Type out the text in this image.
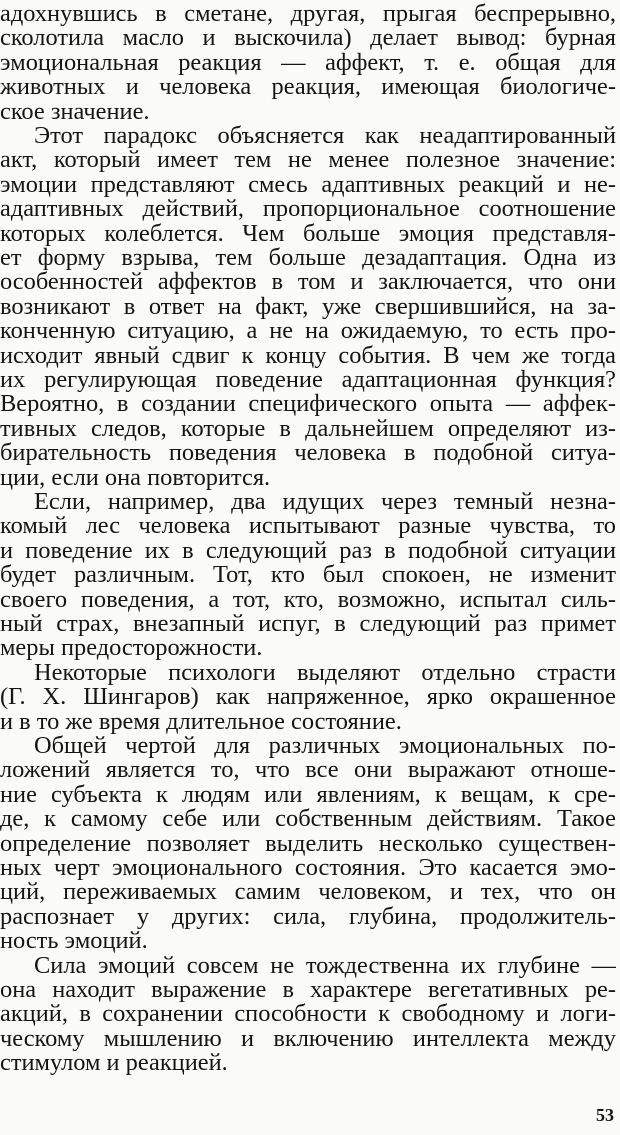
адохнувшись в сметане, другая, прыгая беспрерывно,
сколотила масло и выскочила) делает вывод: бурная
эмоциональная реакция — аффект, т. е. общая для
животных и человека реакция, имеющая биологиче-
ское значение.
Этот парадокс объясняется как неадаптированный
акт, который имеет тем не менее полезное значение:
эмоции представляют смесь адаптивных реакций и не-
адаптивных действий, пропорциональное соотношение
которых колеблется. Чем больше эмоция представля-
ет форму взрыва, тем больше дезадаптация. Одна из
особенностей аффектов в том и заключается, что они
возникают в ответ на факт, уже свершившийся, на за-
конченную ситуацию, а не на ожидаемую, то есть про-
исходит явный сдвиг к концу события. В чем же тогда
их регулирующая поведение адаптационная функция?
Вероятно, в создании специфического опыта — аффек-
тивных следов, которые в дальнейшем определяют из-
бирательность поведения человека в подобной ситуа-
ции, если она повторится.
Если, например, два идущих через темный незна-
комый лес человека испытывают разные чувства, то
и поведение их в следующий раз в подобной ситуации
будет различным. Тот, кто был спокоен, не изменит
своего поведения, а тот, кто, возможно, испытал силь-
ный страх, внезапный испуг, в следующий раз примет
меры предосторожности.
Некоторые психологи выделяют отдельно страсти
(Г. Х. Шингаров) как напряженное, ярко окрашенное
и в то же время длительное состояние.
Общей чертой для различных эмоциональных по-
ложений является то, что все они выражают отноше-
ние субъекта к людям или явлениям, к вещам, к сре-
де, к самому себе или собственным действиям. Такое
определение позволяет выделить несколько существен-
ных черт эмоционального состояния. Это касается эмо-
ций, переживаемых самим человеком, и тех, что он
распознает у других: сила, глубина, продолжитель-
ность эмоций.
Сила эмоций совсем не тождественна их глубине —
она находит выражение в характере вегетативных ре-
акций, в сохранении способности к свободному и логи-
ческому мышлению и включению интеллекта между
стимулом и реакцией.
53
